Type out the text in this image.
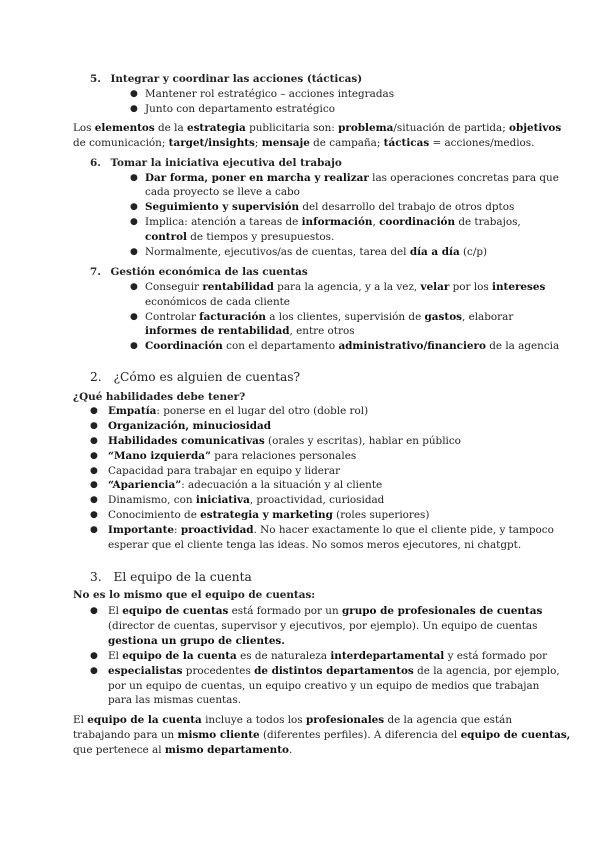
5. Integrar y coordinar las acciones (tácticas)
● Mantener rol estratégico – acciones integradas
● Junto con departamento estratégico
Los elementos de la estrategia publicitaria son: problema/situación de partida; objetivos
de comunicación; target/insights; mensaje de campaña; tácticas = acciones/medios.
6. Tomar la iniciativa ejecutiva del trabajo
● Dar forma, poner en marcha y realizar las operaciones concretas para que
cada proyecto se lleve a cabo
● Seguimiento y supervisión del desarrollo del trabajo de otros dptos
● Implica: atención a tareas de información, coordinación de trabajos,
control de tiempos y presupuestos.
● Normalmente, ejecutivos/as de cuentas, tarea del día a día (c/p)
7. Gestión económica de las cuentas
● Conseguir rentabilidad para la agencia, y a la vez, velar por los intereses
económicos de cada cliente
● Controlar facturación a los clientes, supervisión de gastos, elaborar
informes de rentabilidad, entre otros
● Coordinación con el departamento administrativo/financiero de la agencia
2. ¿Cómo es alguien de cuentas?
¿Qué habilidades debe tener?
● Empatía: ponerse en el lugar del otro (doble rol)
● Organización, minuciosidad
● Habilidades comunicativas (orales y escritas), hablar en público
● “Mano izquierda” para relaciones personales
● Capacidad para trabajar en equipo y liderar
● “Apariencia”: adecuación a la situación y al cliente
● Dinamismo, con iniciativa, proactividad, curiosidad
● Conocimiento de estrategia y marketing (roles superiores)
● Importante: proactividad. No hacer exactamente lo que el cliente pide, y tampoco
esperar que el cliente tenga las ideas. No somos meros ejecutores, ni chatgpt.
3. El equipo de la cuenta
No es lo mismo que el equipo de cuentas:
● El equipo de cuentas está formado por un grupo de profesionales de cuentas
(director de cuentas, supervisor y ejecutivos, por ejemplo). Un equipo de cuentas
gestiona un grupo de clientes.
● El equipo de la cuenta es de naturaleza interdepartamental y está formado por
● especialistas procedentes de distintos departamentos de la agencia, por ejemplo,
por un equipo de cuentas, un equipo creativo y un equipo de medios que trabajan
para las mismas cuentas.
El equipo de la cuenta incluye a todos los profesionales de la agencia que están
trabajando para un mismo cliente (diferentes perfiles). A diferencia del equipo de cuentas,
que pertenece al mismo departamento.
